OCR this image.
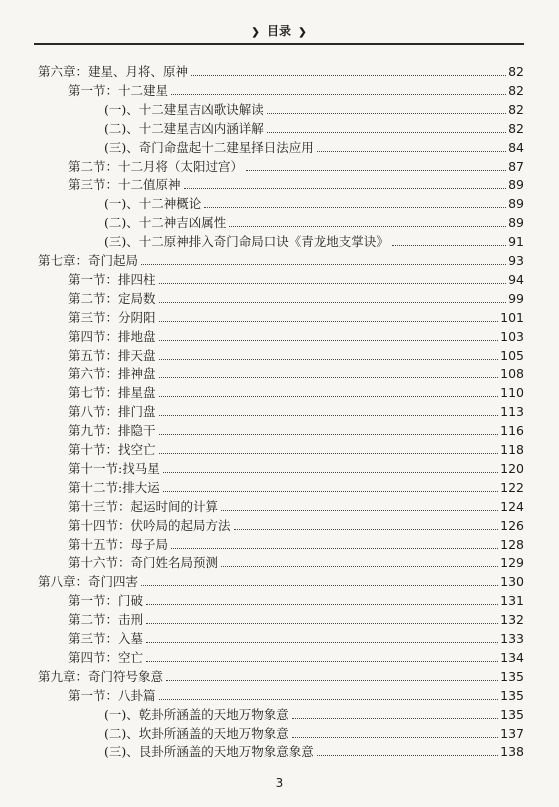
❯ 目录 ❯
第六章：建星、月将、原神	82
第一节：十二建星	82
(一)、十二建星吉凶歌诀解读	82
(二)、十二建星吉凶内涵详解	82
(三)、奇门命盘起十二建星择日法应用	84
第二节：十二月将（太阳过宫）	87
第三节：十二值原神	89
(一)、十二神概论	89
(二)、十二神吉凶属性	89
(三)、十二原神排入奇门命局口诀《青龙地支掌诀》	91
第七章：奇门起局	93
第一节：排四柱	94
第二节：定局数	99
第三节：分阴阳	101
第四节：排地盘	103
第五节：排天盘	105
第六节：排神盘	108
第七节：排星盘	110
第八节：排门盘	113
第九节：排隐干	116
第十节：找空亡	118
第十一节:找马星	120
第十二节:排大运	122
第十三节：起运时间的计算	124
第十四节：伏吟局的起局方法	126
第十五节：母子局	128
第十六节：奇门姓名局预测	129
第八章：奇门四害	130
第一节：门破	131
第二节：击刑	132
第三节：入墓	133
第四节：空亡	134
第九章：奇门符号象意	135
第一节：八卦篇	135
(一)、乾卦所涵盖的天地万物象意	135
(二)、坎卦所涵盖的天地万物象意	137
(三)、艮卦所涵盖的天地万物象意象意	138
3
